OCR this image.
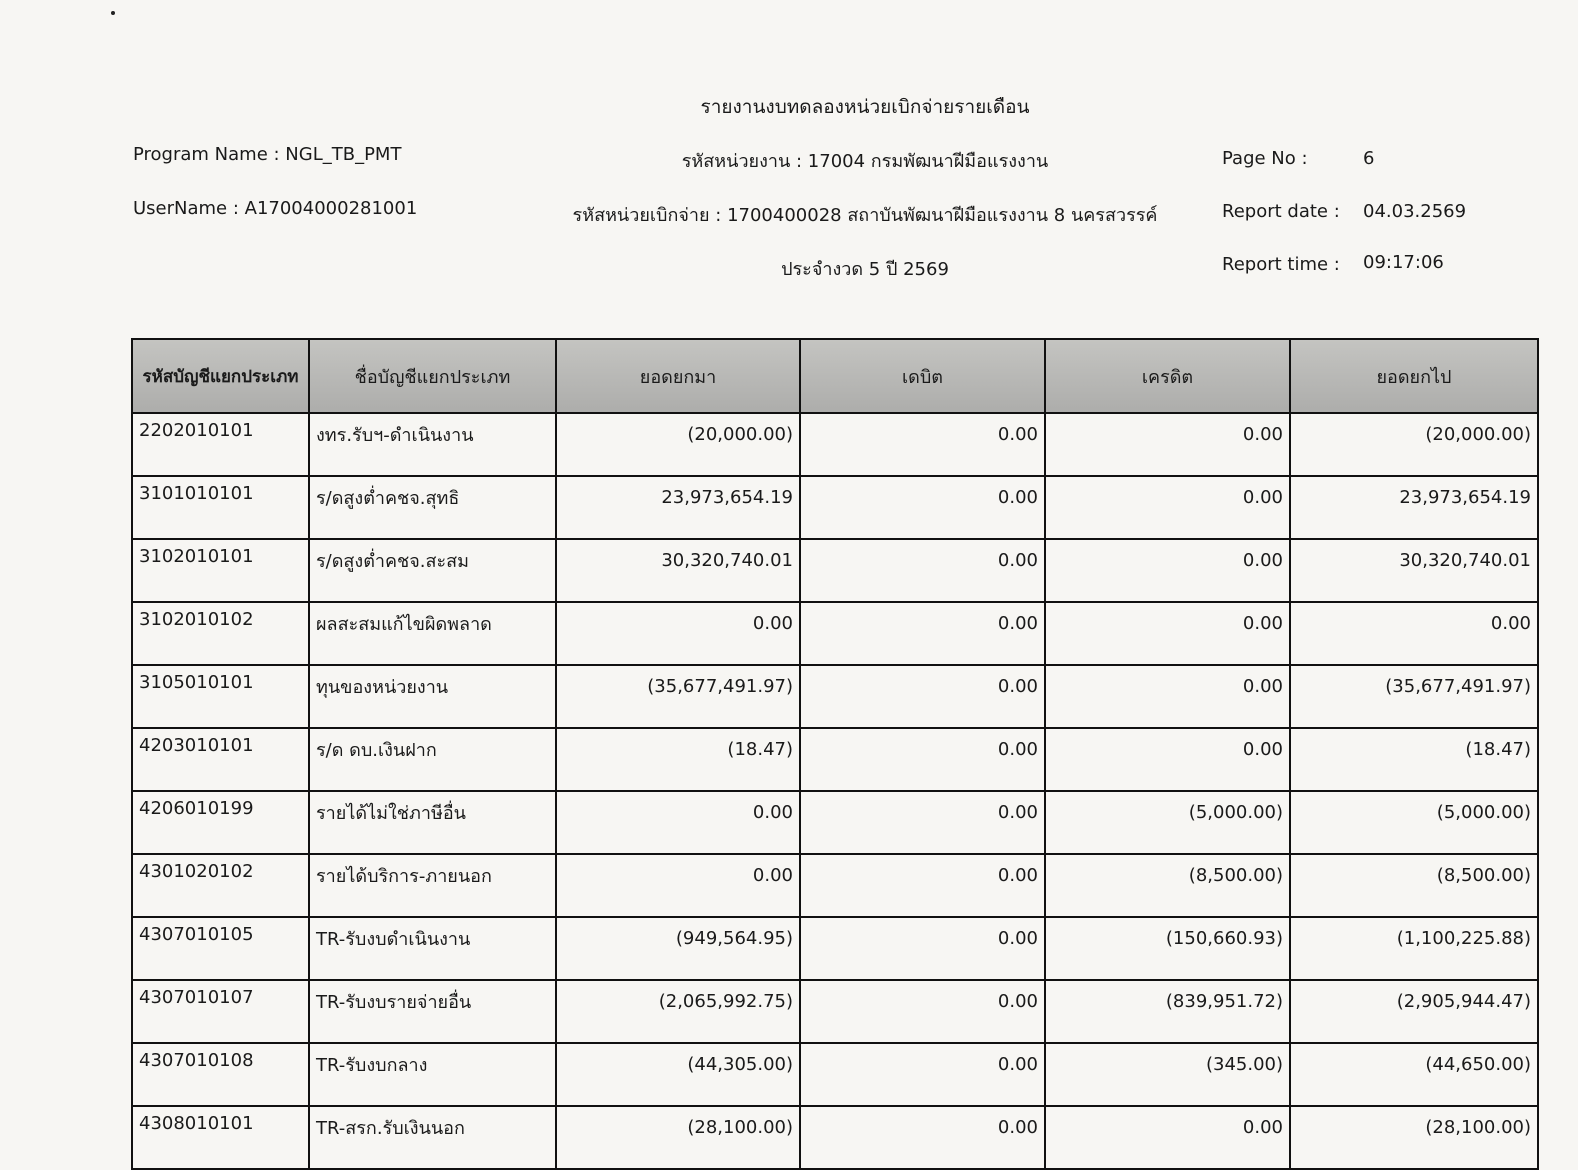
รายงานงบทดลองหน่วยเบิกจ่ายรายเดือน
Program Name : NGL_TB_PMT
UserName : A17004000281001
รหัสหน่วยงาน : 17004 กรมพัฒนาฝีมือแรงงาน
รหัสหน่วยเบิกจ่าย : 1700400028 สถาบันพัฒนาฝีมือแรงงาน 8 นครสวรรค์
ประจำงวด 5 ปี 2569
Page No :	6
Report date : 04.03.2569
Report time : 09:17:06
รหัสบัญชีแยกประเภท	ชื่อบัญชีแยกประเภท	ยอดยกมา	เดบิต	เครดิต	ยอดยกไป
2202010101	งทร.รับฯ-ดำเนินงาน	(20,000.00)	0.00	0.00	(20,000.00)
3101010101	ร/ดสูงต่ำคชจ.สุทธิ	23,973,654.19	0.00	0.00	23,973,654.19
3102010101	ร/ดสูงต่ำคชจ.สะสม	30,320,740.01	0.00	0.00	30,320,740.01
3102010102	ผลสะสมแก้ไขผิดพลาด	0.00	0.00	0.00	0.00
3105010101	ทุนของหน่วยงาน	(35,677,491.97)	0.00	0.00	(35,677,491.97)
4203010101	ร/ด ดบ.เงินฝาก	(18.47)	0.00	0.00	(18.47)
4206010199	รายได้ไม่ใช่ภาษีอื่น	0.00	0.00	(5,000.00)	(5,000.00)
4301020102	รายได้บริการ-ภายนอก	0.00	0.00	(8,500.00)	(8,500.00)
4307010105	TR-รับงบดำเนินงาน	(949,564.95)	0.00	(150,660.93)	(1,100,225.88)
4307010107	TR-รับงบรายจ่ายอื่น	(2,065,992.75)	0.00	(839,951.72)	(2,905,944.47)
4307010108	TR-รับงบกลาง	(44,305.00)	0.00	(345.00)	(44,650.00)
4308010101	TR-สรก.รับเงินนอก	(28,100.00)	0.00	0.00	(28,100.00)
